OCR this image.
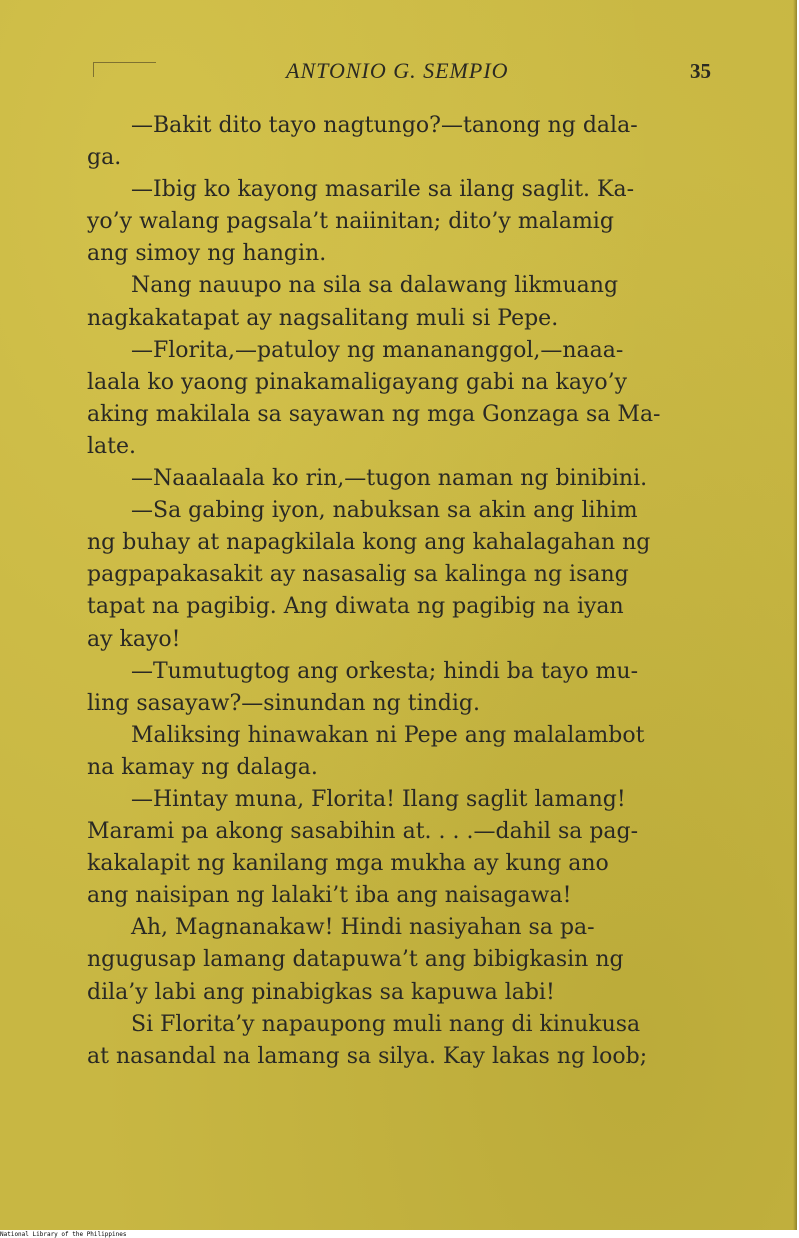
ANTONIO G. SEMPIO	35
—Bakit dito tayo nagtungo?—tanong ng dala-
ga.
—Ibig ko kayong masarile sa ilang saglit. Ka-
yo’y walang pagsala’t naiinitan; dito’y malamig
ang simoy ng hangin.
Nang nauupo na sila sa dalawang likmuang
nagkakatapat ay nagsalitang muli si Pepe.
—Florita,—patuloy ng manananggol,—naaa-
laala ko yaong pinakamaligayang gabi na kayo’y
aking makilala sa sayawan ng mga Gonzaga sa Ma-
late.
—Naaalaala ko rin,—tugon naman ng binibini.
—Sa gabing iyon, nabuksan sa akin ang lihim
ng buhay at napagkilala kong ang kahalagahan ng
pagpapakasakit ay nasasalig sa kalinga ng isang
tapat na pagibig. Ang diwata ng pagibig na iyan
ay kayo!
—Tumutugtog ang orkesta; hindi ba tayo mu-
ling sasayaw?—sinundan ng tindig.
Maliksing hinawakan ni Pepe ang malalambot
na kamay ng dalaga.
—Hintay muna, Florita! Ilang saglit lamang!
Marami pa akong sasabihin at. . . .—dahil sa pag-
kakalapit ng kanilang mga mukha ay kung ano
ang naisipan ng lalaki’t iba ang naisagawa!
Ah, Magnanakaw! Hindi nasiyahan sa pa-
ngugusap lamang datapuwa’t ang bibigkasin ng
dila’y labi ang pinabigkas sa kapuwa labi!
Si Florita’y napaupong muli nang di kinukusa
at nasandal na lamang sa silya. Kay lakas ng loob;
National Library of the Philippines
